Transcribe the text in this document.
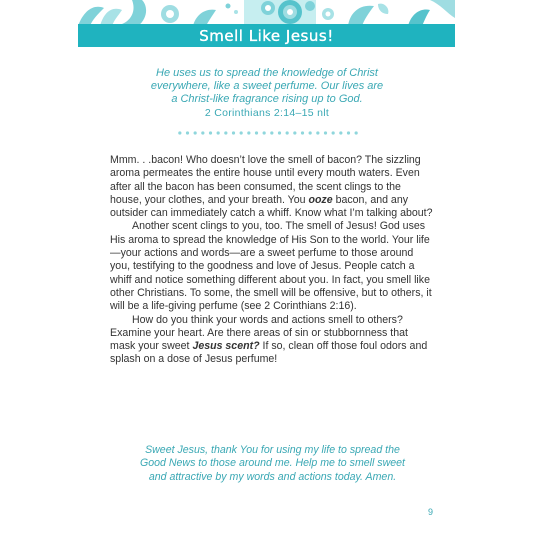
Smell Like Jesus!
He uses us to spread the knowledge of Christ
everywhere, like a sweet perfume. Our lives are
a Christ-like fragrance rising up to God.
2 Corinthians 2:14–15 nlt

Mmm. . .bacon! Who doesn’t love the smell of bacon? The sizzling aroma permeates the entire house until every mouth waters. Even after all the bacon has been consumed, the scent clings to the house, your clothes, and your breath. You ooze bacon, and any outsider can immediately catch a whiff. Know what I’m talking about?

Another scent clings to you, too. The smell of Jesus! God uses His aroma to spread the knowledge of His Son to the world. Your life—your actions and words—are a sweet perfume to those around you, testifying to the goodness and love of Jesus. People catch a whiff and notice something different about you. In fact, you smell like other Christians. To some, the smell will be offensive, but to others, it will be a life-giving perfume (see 2 Corinthians 2:16).

How do you think your words and actions smell to others? Examine your heart. Are there areas of sin or stubbornness that mask your sweet Jesus scent? If so, clean off those foul odors and splash on a dose of Jesus perfume!

Sweet Jesus, thank You for using my life to spread the
Good News to those around me. Help me to smell sweet
and attractive by my words and actions today. Amen.
9
